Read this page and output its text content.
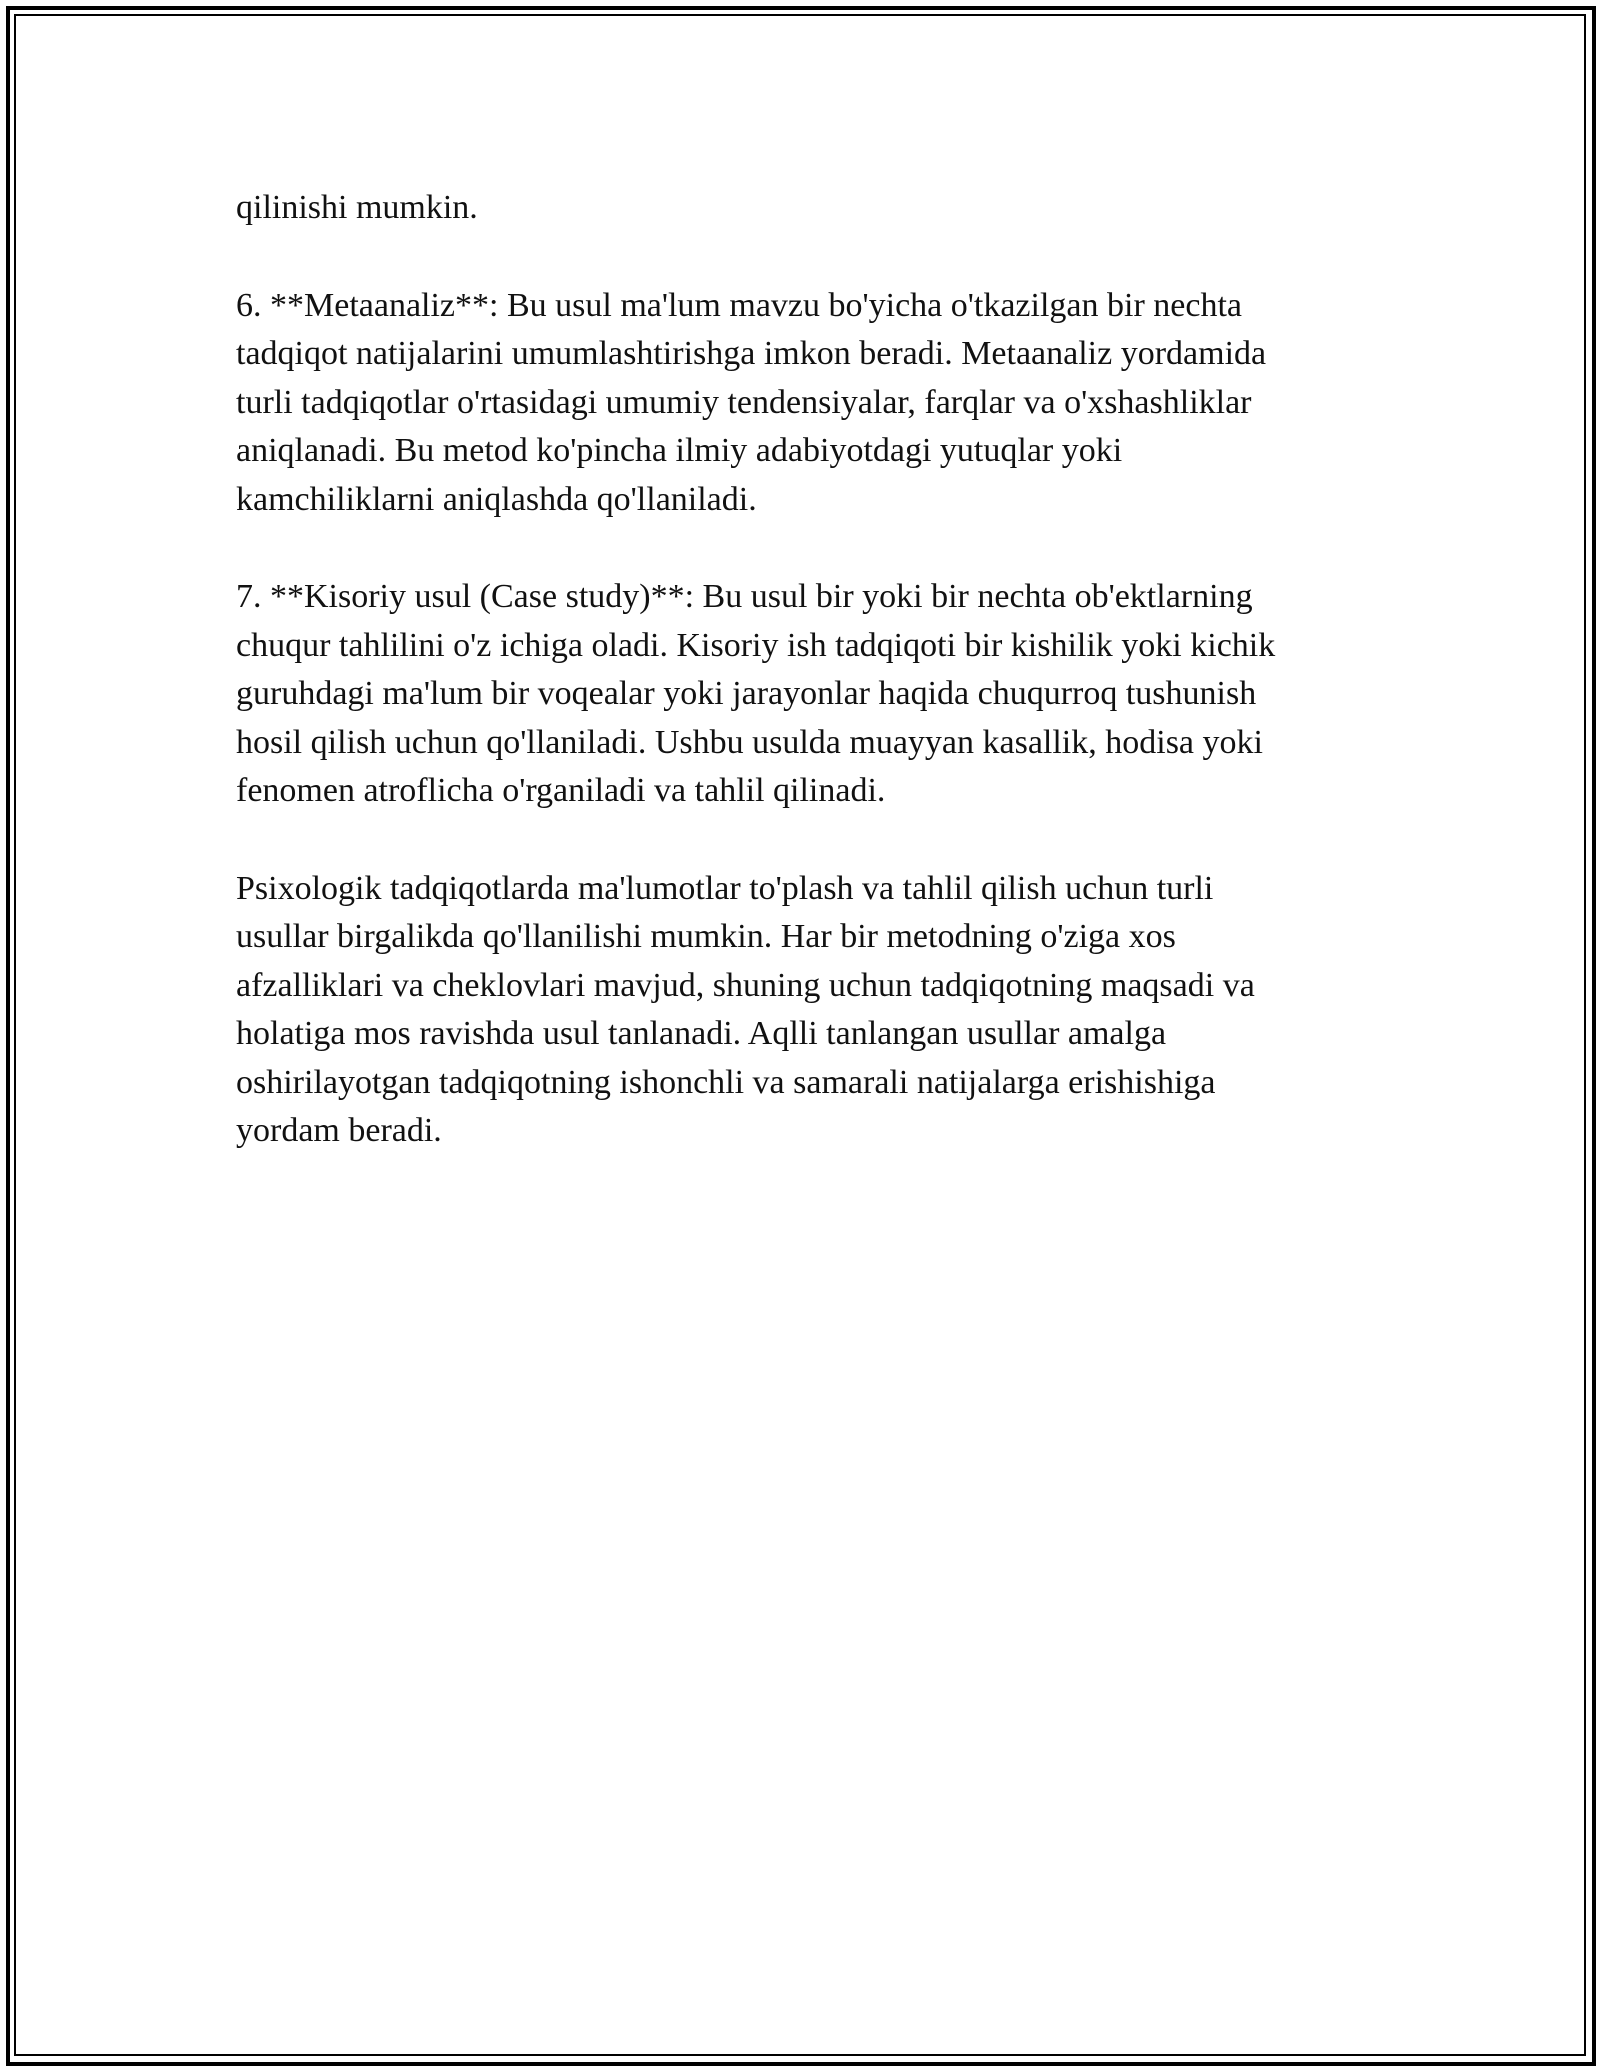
qilinishi mumkin.

6. **Metaanaliz**: Bu usul ma'lum mavzu bo'yicha o'tkazilgan bir nechta
tadqiqot natijalarini umumlashtirishga imkon beradi. Metaanaliz yordamida
turli tadqiqotlar o'rtasidagi umumiy tendensiyalar, farqlar va o'xshashliklar
aniqlanadi. Bu metod ko'pincha ilmiy adabiyotdagi yutuqlar yoki
kamchiliklarni aniqlashda qo'llaniladi.

7. **Kisoriy usul (Case study)**: Bu usul bir yoki bir nechta ob'ektlarning
chuqur tahlilini o'z ichiga oladi. Kisoriy ish tadqiqoti bir kishilik yoki kichik
guruhdagi ma'lum bir voqealar yoki jarayonlar haqida chuqurroq tushunish
hosil qilish uchun qo'llaniladi. Ushbu usulda muayyan kasallik, hodisa yoki
fenomen atroflicha o'rganiladi va tahlil qilinadi.

Psixologik tadqiqotlarda ma'lumotlar to'plash va tahlil qilish uchun turli
usullar birgalikda qo'llanilishi mumkin. Har bir metodning o'ziga xos
afzalliklari va cheklovlari mavjud, shuning uchun tadqiqotning maqsadi va
holatiga mos ravishda usul tanlanadi. Aqlli tanlangan usullar amalga
oshirilayotgan tadqiqotning ishonchli va samarali natijalarga erishishiga
yordam beradi.
